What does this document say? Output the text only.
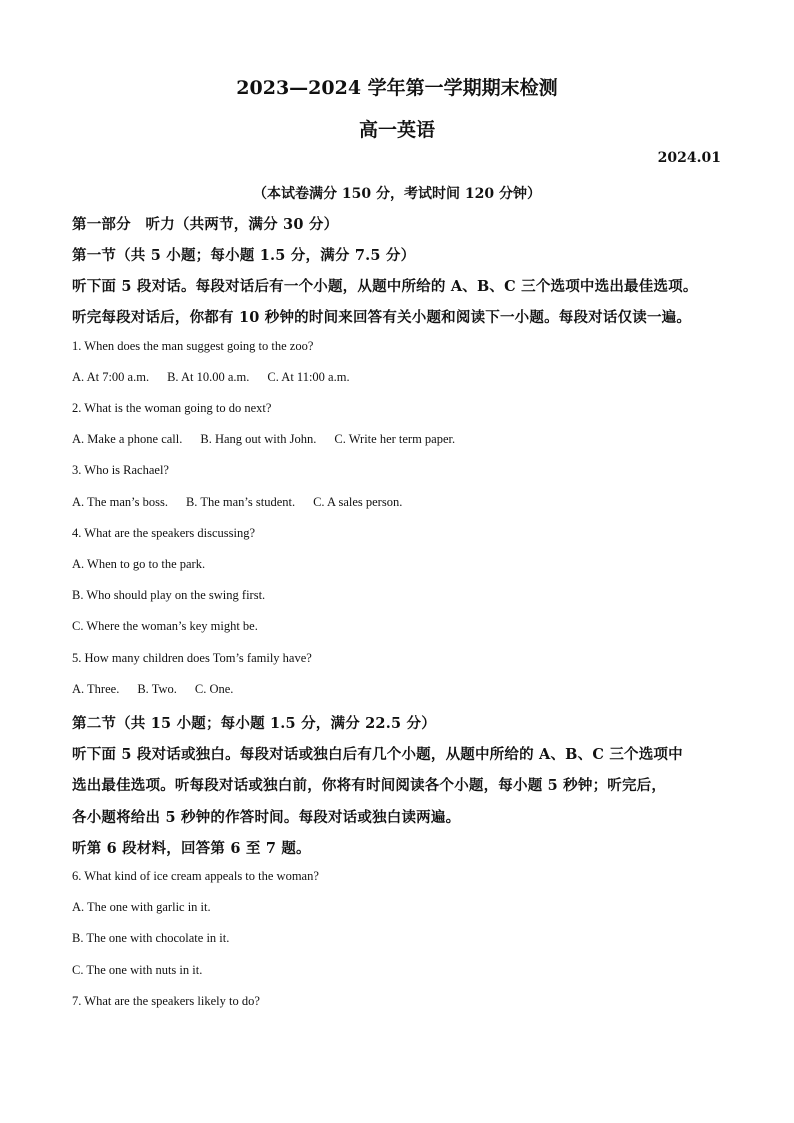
2023—2024 学年第一学期期末检测
高一英语
2024.01
（本试卷满分 150 分，考试时间 120 分钟）
第一部分　听力（共两节，满分 30 分）
第一节（共 5 小题；每小题 1.5 分，满分 7.5 分）
听下面 5 段对话。每段对话后有一个小题，从题中所给的 A、B、C 三个选项中选出最佳选项。
听完每段对话后，你都有 10 秒钟的时间来回答有关小题和阅读下一小题。每段对话仅读一遍。
1. When does the man suggest going to the zoo?
A. At 7:00 a.m. B. At 10.00 a.m. C. At 11:00 a.m.
2. What is the woman going to do next?
A. Make a phone call. B. Hang out with John. C. Write her term paper.
3. Who is Rachael?
A. The man’s boss. B. The man’s student. C. A sales person.
4. What are the speakers discussing?
A. When to go to the park.
B. Who should play on the swing first.
C. Where the woman’s key might be.
5. How many children does Tom’s family have?
A. Three. B. Two. C. One.
第二节（共 15 小题；每小题 1.5 分，满分 22.5 分）
听下面 5 段对话或独白。每段对话或独白后有几个小题，从题中所给的 A、B、C 三个选项中
选出最佳选项。听每段对话或独白前，你将有时间阅读各个小题，每小题 5 秒钟；听完后，
各小题将给出 5 秒钟的作答时间。每段对话或独白读两遍。
听第 6 段材料，回答第 6 至 7 题。
6. What kind of ice cream appeals to the woman?
A. The one with garlic in it.
B. The one with chocolate in it.
C. The one with nuts in it.
7. What are the speakers likely to do?
